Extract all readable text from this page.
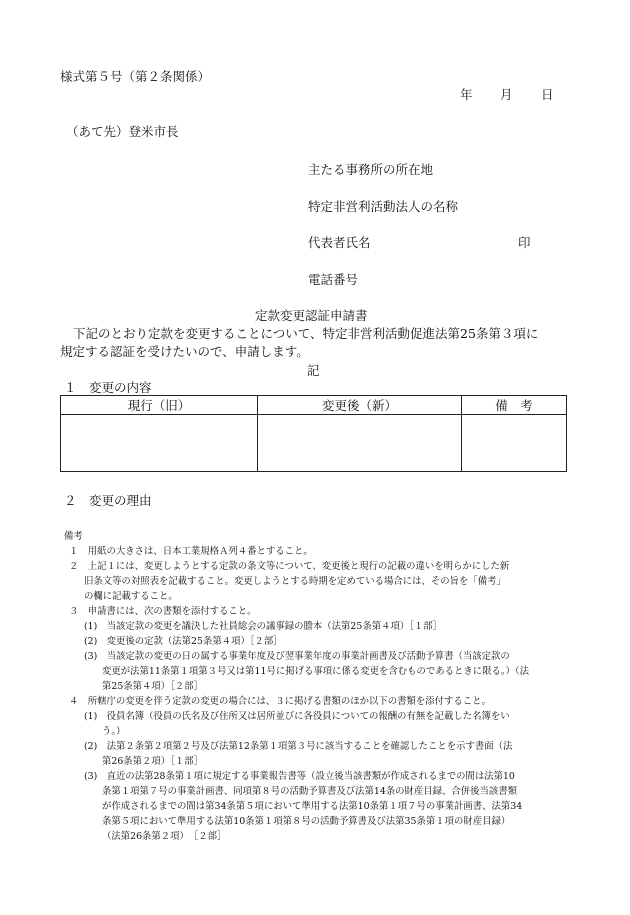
様式第５号（第２条関係）
年 月 日
（あて先）登米市長
主たる事務所の所在地
特定非営利活動法人の名称
代表者氏名	印
電話番号
定款変更認証申請書
下記のとおり定款を変更することについて、特定非営利活動促進法第25条第３項に
規定する認証を受けたいので、申請します。
記
１　変更の内容
現行（旧）	変更後（新）	備　考

２　変更の理由
備考
１　用紙の大きさは、日本工業規格Ａ列４番とすること。
２　上記１には、変更しようとする定款の条文等について、変更後と現行の記載の違いを明らかにした新
旧条文等の対照表を記載すること。変更しようとする時期を定めている場合には、その旨を「備考」
の欄に記載すること。
３　申請書には、次の書類を添付すること。
(1)　当該定款の変更を議決した社員総会の議事録の謄本（法第25条第４項）［１部］
(2)　変更後の定款（法第25条第４項）［２部］
(3)　当該定款の変更の日の属する事業年度及び翌事業年度の事業計画書及び活動予算書（当該定款の
変更が法第11条第１項第３号又は第11号に掲げる事項に係る変更を含むものであるときに限る。）（法
第25条第４項）［２部］
４　所轄庁の変更を伴う定款の変更の場合には、３に掲げる書類のほか以下の書類を添付すること。
(1)　役員名簿（役員の氏名及び住所又は居所並びに各役員についての報酬の有無を記載した名簿をい
う。）
(2)　法第２条第２項第２号及び法第12条第１項第３号に該当することを確認したことを示す書面（法
第26条第２項）［１部］
(3)　直近の法第28条第１項に規定する事業報告書等（設立後当該書類が作成されるまでの間は法第10
条第１項第７号の事業計画書、同項第８号の活動予算書及び法第14条の財産目録、合併後当該書類
が作成されるまでの間は第34条第５項において準用する法第10条第１項７号の事業計画書、法第34
条第５項において準用する法第10条第１項第８号の活動予算書及び法第35条第１項の財産目録）
（法第26条第２項）　［２部］
